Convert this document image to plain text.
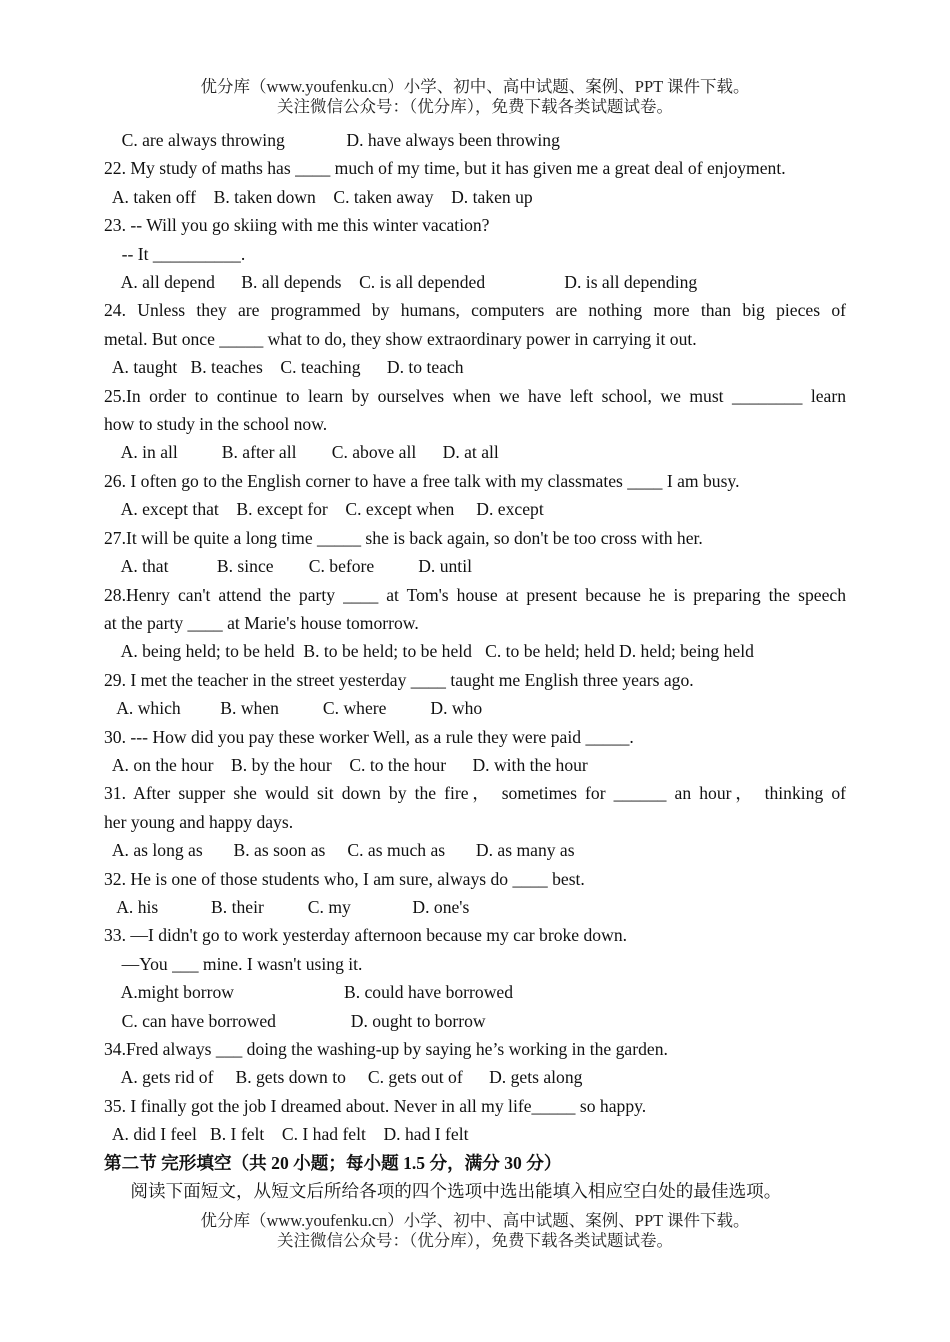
优分库（www.youfenku.cn）小学、初中、高中试题、案例、PPT 课件下载。
关注微信公众号：（优分库），免费下载各类试题试卷。
C. are always throwing              D. have always been throwing
22. My study of maths has ____ much of my time, but it has given me a great deal of enjoyment.
A. taken off    B. taken down    C. taken away    D. taken up
23. -- Will you go skiing with me this winter vacation?
-- It __________.
A. all depend      B. all depends    C. is all depended                  D. is all depending
24. Unless they are programmed by humans, computers are nothing more than big pieces of
metal. But once _____ what to do, they show extraordinary power in carrying it out.
A. taught   B. teaches    C. teaching      D. to teach
25.In order to continue to learn by ourselves when we have left school, we must ________ learn
how to study in the school now.
A. in all          B. after all        C. above all      D. at all
26. I often go to the English corner to have a free talk with my classmates ____ I am busy.
A. except that    B. except for    C. except when     D. except
27.It will be quite a long time _____ she is back again, so don't be too cross with her.
A. that           B. since        C. before          D. until
28.Henry can't attend the party ____ at Tom's house at present because he is preparing the speech
at the party ____ at Marie's house tomorrow.
A. being held; to be held  B. to be held; to be held   C. to be held; held D. held; being held
29. I met the teacher in the street yesterday ____ taught me English three years ago.
A. which         B. when          C. where          D. who
30. --- How did you pay these worker Well, as a rule they were paid _____.
A. on the hour    B. by the hour    C. to the hour      D. with the hour
31. After supper she would sit down by the fire， sometimes for ______ an hour， thinking of
her young and happy days.
A. as long as       B. as soon as     C. as much as       D. as many as
32. He is one of those students who, I am sure, always do ____ best.
A. his            B. their          C. my              D. one's
33. —I didn't go to work yesterday afternoon because my car broke down.
—You ___ mine. I wasn't using it.
A.might borrow                         B. could have borrowed
C. can have borrowed                 D. ought to borrow
34.Fred always ___ doing the washing-up by saying he’s working in the garden.
A. gets rid of     B. gets down to     C. gets out of      D. gets along
35. I finally got the job I dreamed about. Never in all my life_____ so happy.
A. did I feel   B. I felt    C. I had felt    D. had I felt
第二节 完形填空（共 20 小题；每小题 1.5 分，满分 30 分）
阅读下面短文，从短文后所给各项的四个选项中选出能填入相应空白处的最佳选项。
优分库（www.youfenku.cn）小学、初中、高中试题、案例、PPT 课件下载。
关注微信公众号：（优分库），免费下载各类试题试卷。
